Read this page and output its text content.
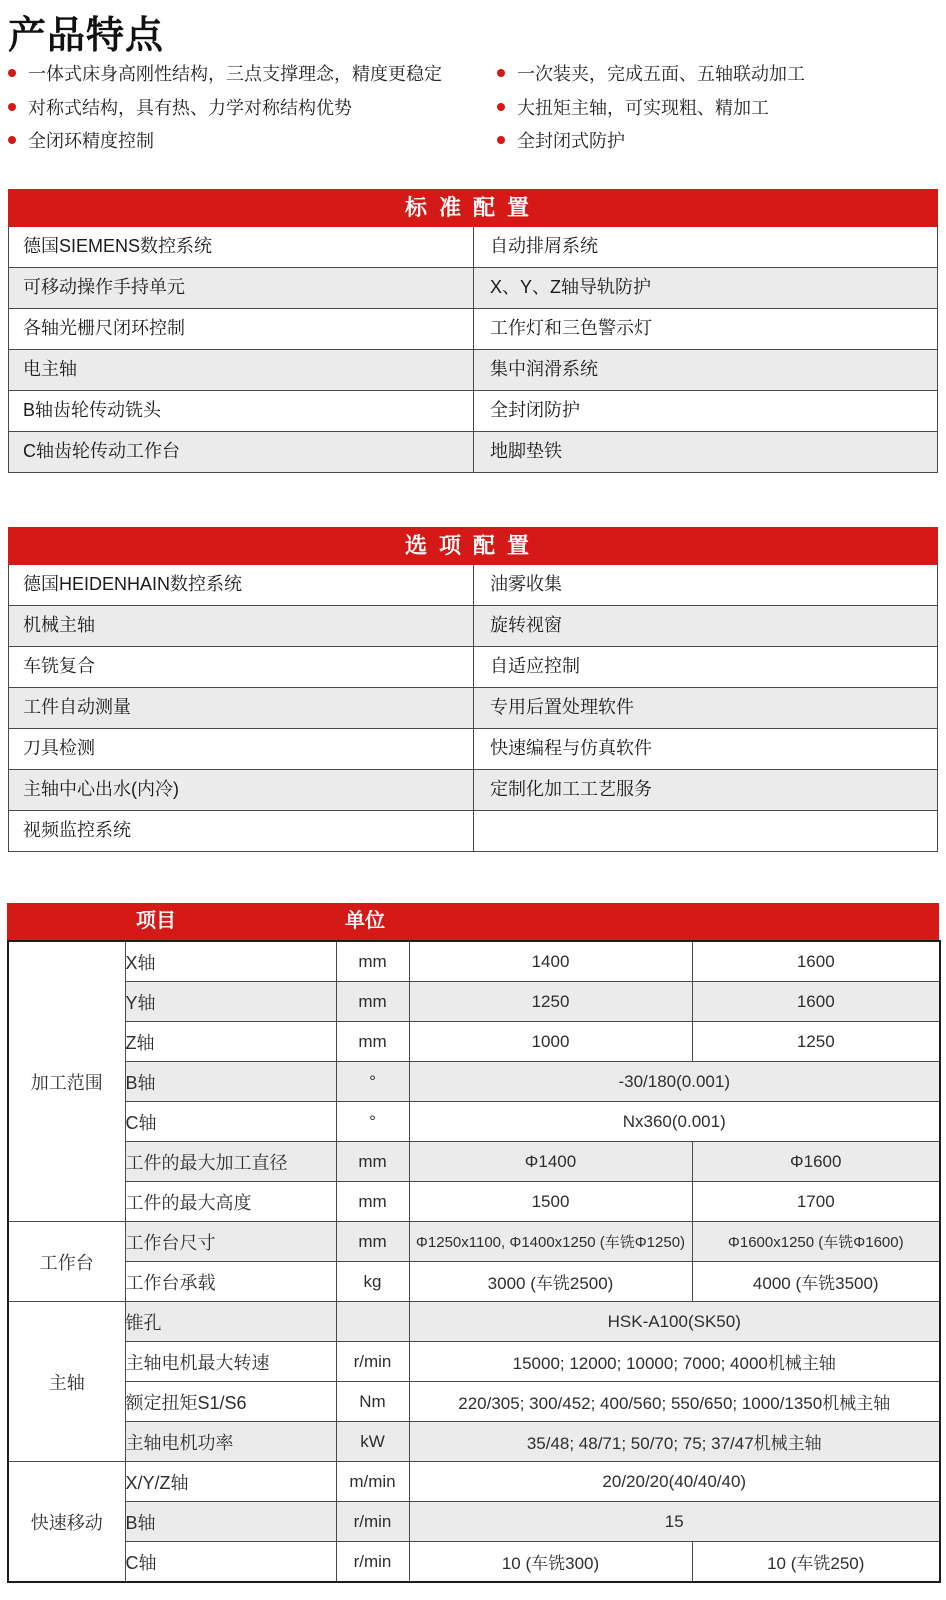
产品特点
一体式床身高刚性结构，三点支撑理念，精度更稳定
对称式结构，具有热、力学对称结构优势
全闭环精度控制
一次装夹，完成五面、五轴联动加工
大扭矩主轴，可实现粗、精加工
全封闭式防护
标准配置
德国SIEMENS数控系统	自动排屑系统
可移动操作手持单元	X、Y、Z轴导轨防护
各轴光栅尺闭环控制	工作灯和三色警示灯
电主轴	集中润滑系统
B轴齿轮传动铣头	全封闭防护
C轴齿轮传动工作台	地脚垫铁
选项配置
德国HEIDENHAIN数控系统	油雾收集
机械主轴	旋转视窗
车铣复合	自适应控制
工件自动测量	专用后置处理软件
刀具检测	快速编程与仿真软件
主轴中心出水(内冷)	定制化加工工艺服务
视频监控系统
项目	单位
加工范围	X轴	mm	1400	1600
	Y轴	mm	1250	1600
	Z轴	mm	1000	1250
	B轴	°	-30/180(0.001)	
	C轴	°	Nx360(0.001)	
	工件的最大加工直径	mm	Φ1400	Φ1600
	工件的最大高度	mm	1500	1700
工作台	工作台尺寸	mm	Φ1250x1100, Φ1400x1250 (车铣Φ1250)	Φ1600x1250 (车铣Φ1600)
	工作台承载	kg	3000 (车铣2500)	4000 (车铣3500)
主轴	锥孔		HSK-A100(SK50)	
	主轴电机最大转速	r/min	15000; 12000; 10000; 7000; 4000机械主轴	
	额定扭矩S1/S6	Nm	220/305; 300/452; 400/560; 550/650; 1000/1350机械主轴	
	主轴电机功率	kW	35/48; 48/71; 50/70; 75; 37/47机械主轴	
快速移动	X/Y/Z轴	m/min	20/20/20(40/40/40)	
	B轴	r/min	15	
	C轴	r/min	10 (车铣300)	10 (车铣250)
